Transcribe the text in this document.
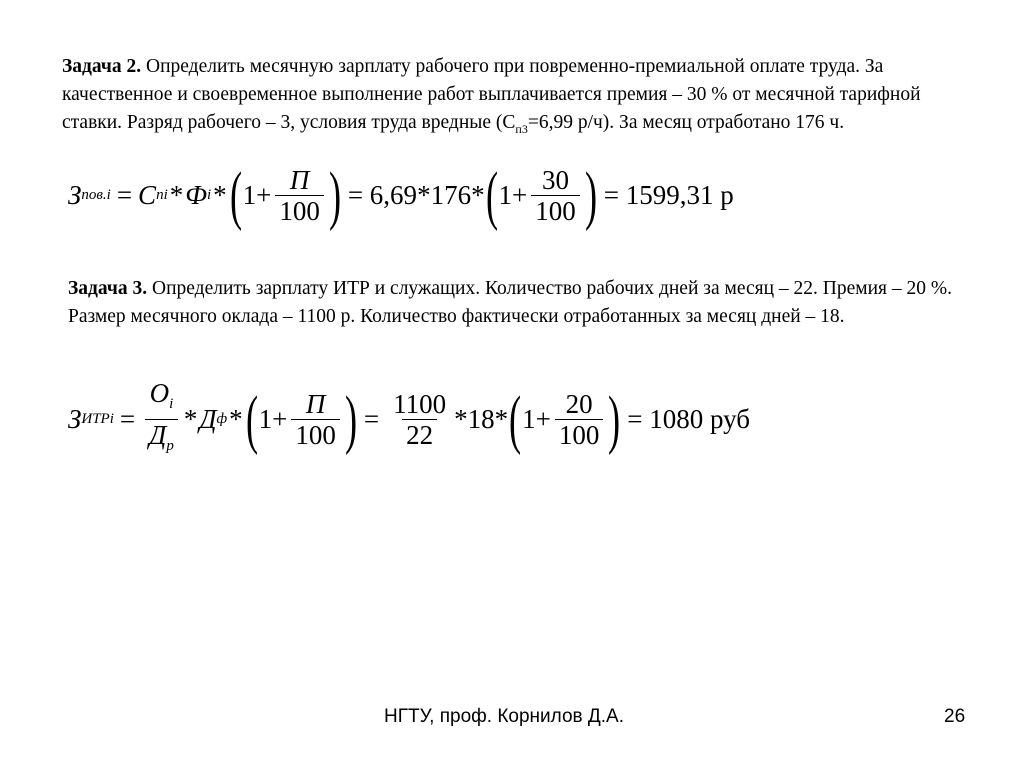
Задача 2. Определить месячную зарплату рабочего при повременно-премиальной оплате труда. За качественное и своевременное выполнение работ выплачивается премия – 30 % от месячной тарифной ставки. Разряд рабочего – 3, условия труда вредные ($С_{п3}=6,99$ р/ч). За месяц отработано 176 ч.
З пов.i = С пi * Ф i * ( $1+ \frac{П}{100}$ ) = 6,69 *176* ( $1+ \frac{30}{100}$ ) = 1599,31 р
Задача 3. Определить зарплату ИТР и служащих. Количество рабочих дней за месяц – 22. Премия – 20 %. Размер месячного оклада – 1100 р. Количество фактически отработанных за месяц дней – 18.
З ИТРi = $\frac{О_i}{Д_р}$ * Д ф * ( $1+ \frac{П}{100}$ ) = $\frac{1100}{22} *18*$ ( $1+ \frac{20}{100}$ ) = 1080 руб
НГТУ, проф. Корнилов Д.А.	26
